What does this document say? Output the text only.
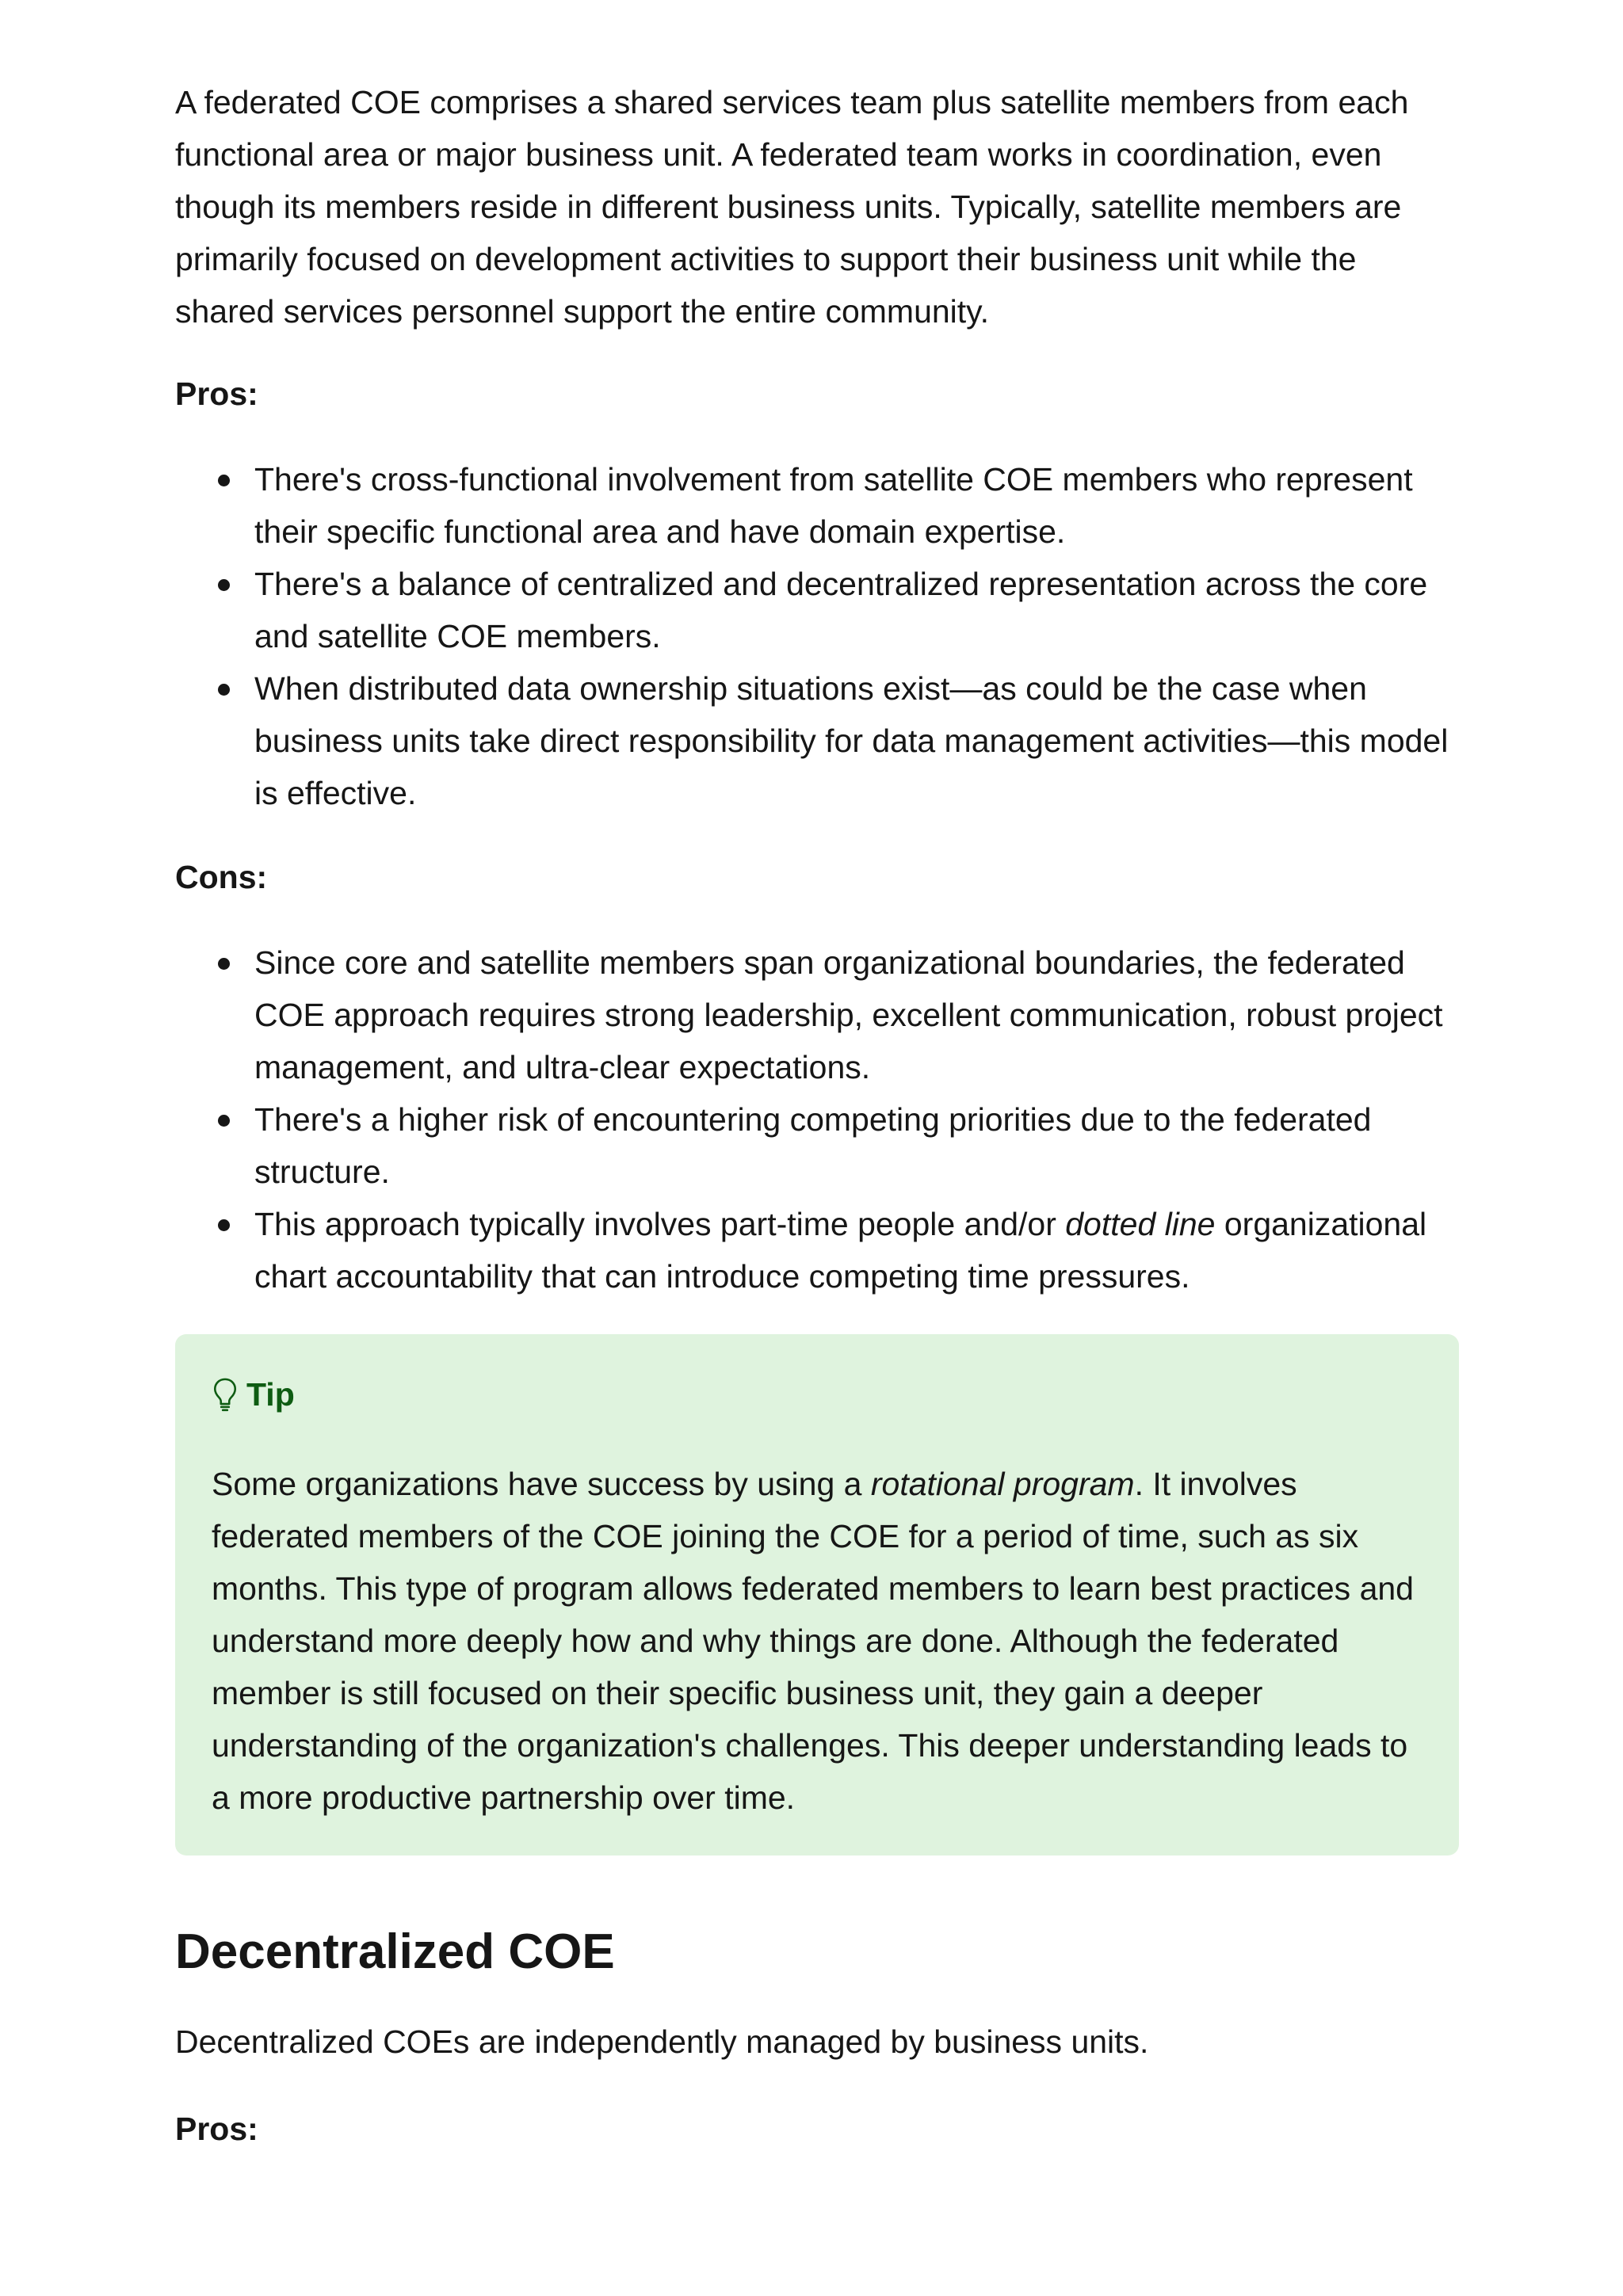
A federated COE comprises a shared services team plus satellite members from each functional area or major business unit. A federated team works in coordination, even though its members reside in different business units. Typically, satellite members are primarily focused on development activities to support their business unit while the shared services personnel support the entire community.

Pros:

There's cross-functional involvement from satellite COE members who represent their specific functional area and have domain expertise.
There's a balance of centralized and decentralized representation across the core and satellite COE members.
When distributed data ownership situations exist—as could be the case when business units take direct responsibility for data management activities—this model is effective.

Cons:

Since core and satellite members span organizational boundaries, the federated COE approach requires strong leadership, excellent communication, robust project management, and ultra-clear expectations.
There's a higher risk of encountering competing priorities due to the federated structure.
This approach typically involves part-time people and/or dotted line organizational chart accountability that can introduce competing time pressures.
Tip

Some organizations have success by using a rotational program. It involves federated members of the COE joining the COE for a period of time, such as six months. This type of program allows federated members to learn best practices and understand more deeply how and why things are done. Although the federated member is still focused on their specific business unit, they gain a deeper understanding of the organization's challenges. This deeper understanding leads to a more productive partnership over time.

Decentralized COE

Decentralized COEs are independently managed by business units.

Pros:
